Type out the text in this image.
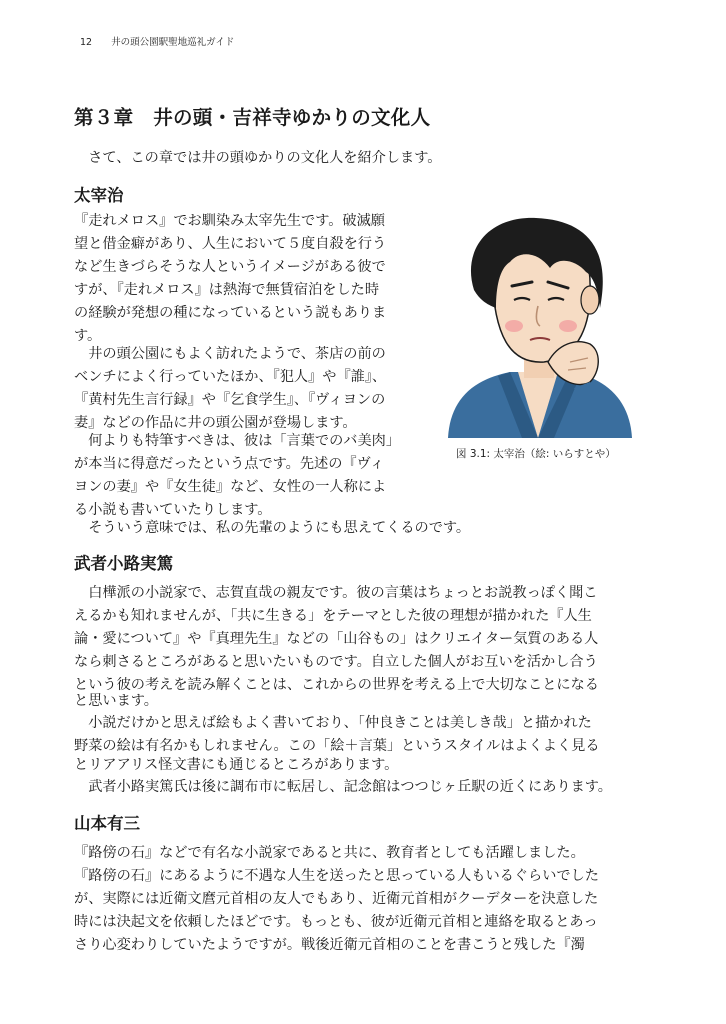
12 井の頭公園駅聖地巡礼ガイド
第３章　井の頭・吉祥寺ゆかりの文化人

　さて、この章では井の頭ゆかりの文化人を紹介します。

太宰治

『走れメロス』でお馴染み太宰先生です。破滅願

望と借金癖があり、人生において５度自殺を行う

など生きづらそうな人というイメージがある彼で

すが、『走れメロス』は熱海で無賃宿泊をした時

の経験が発想の種になっているという説もありま

す。

　井の頭公園にもよく訪れたようで、茶店の前の

ベンチによく行っていたほか、『犯人』や『誰』、

『黄村先生言行録』や『乞食学生』、『ヴィヨンの

妻』などの作品に井の頭公園が登場します。

　何よりも特筆すべきは、彼は「言葉でのバ美肉」

が本当に得意だったという点です。先述の『ヴィ

ヨンの妻』や『女生徒』など、女性の一人称によ

る小説も書いていたりします。

　そういう意味では、私の先輩のようにも思えてくるのです。

図 3.1: 太宰治（絵: いらすとや）
武者小路実篤

　白樺派の小説家で、志賀直哉の親友です。彼の言葉はちょっとお説教っぽく聞こ

えるかも知れませんが、「共に生きる」をテーマとした彼の理想が描かれた『人生

論・愛について』や『真理先生』などの「山谷もの」はクリエイター気質のある人

なら刺さるところがあると思いたいものです。自立した個人がお互いを活かし合う

という彼の考えを読み解くことは、これからの世界を考える上で大切なことになる

と思います。

　小説だけかと思えば絵もよく書いており、「仲良きことは美しき哉」と描かれた

野菜の絵は有名かもしれません。この「絵＋言葉」というスタイルはよくよく見る

とリアアリス怪文書にも通じるところがあります。

　武者小路実篤氏は後に調布市に転居し、記念館はつつじヶ丘駅の近くにあります。

山本有三

『路傍の石』などで有名な小説家であると共に、教育者としても活躍しました。

『路傍の石』にあるように不遇な人生を送ったと思っている人もいるぐらいでした

が、実際には近衛文麿元首相の友人でもあり、近衛元首相がクーデターを決意した

時には決起文を依頼したほどです。もっとも、彼が近衛元首相と連絡を取るとあっ

さり心変わりしていたようですが。戦後近衛元首相のことを書こうと残した『濁
